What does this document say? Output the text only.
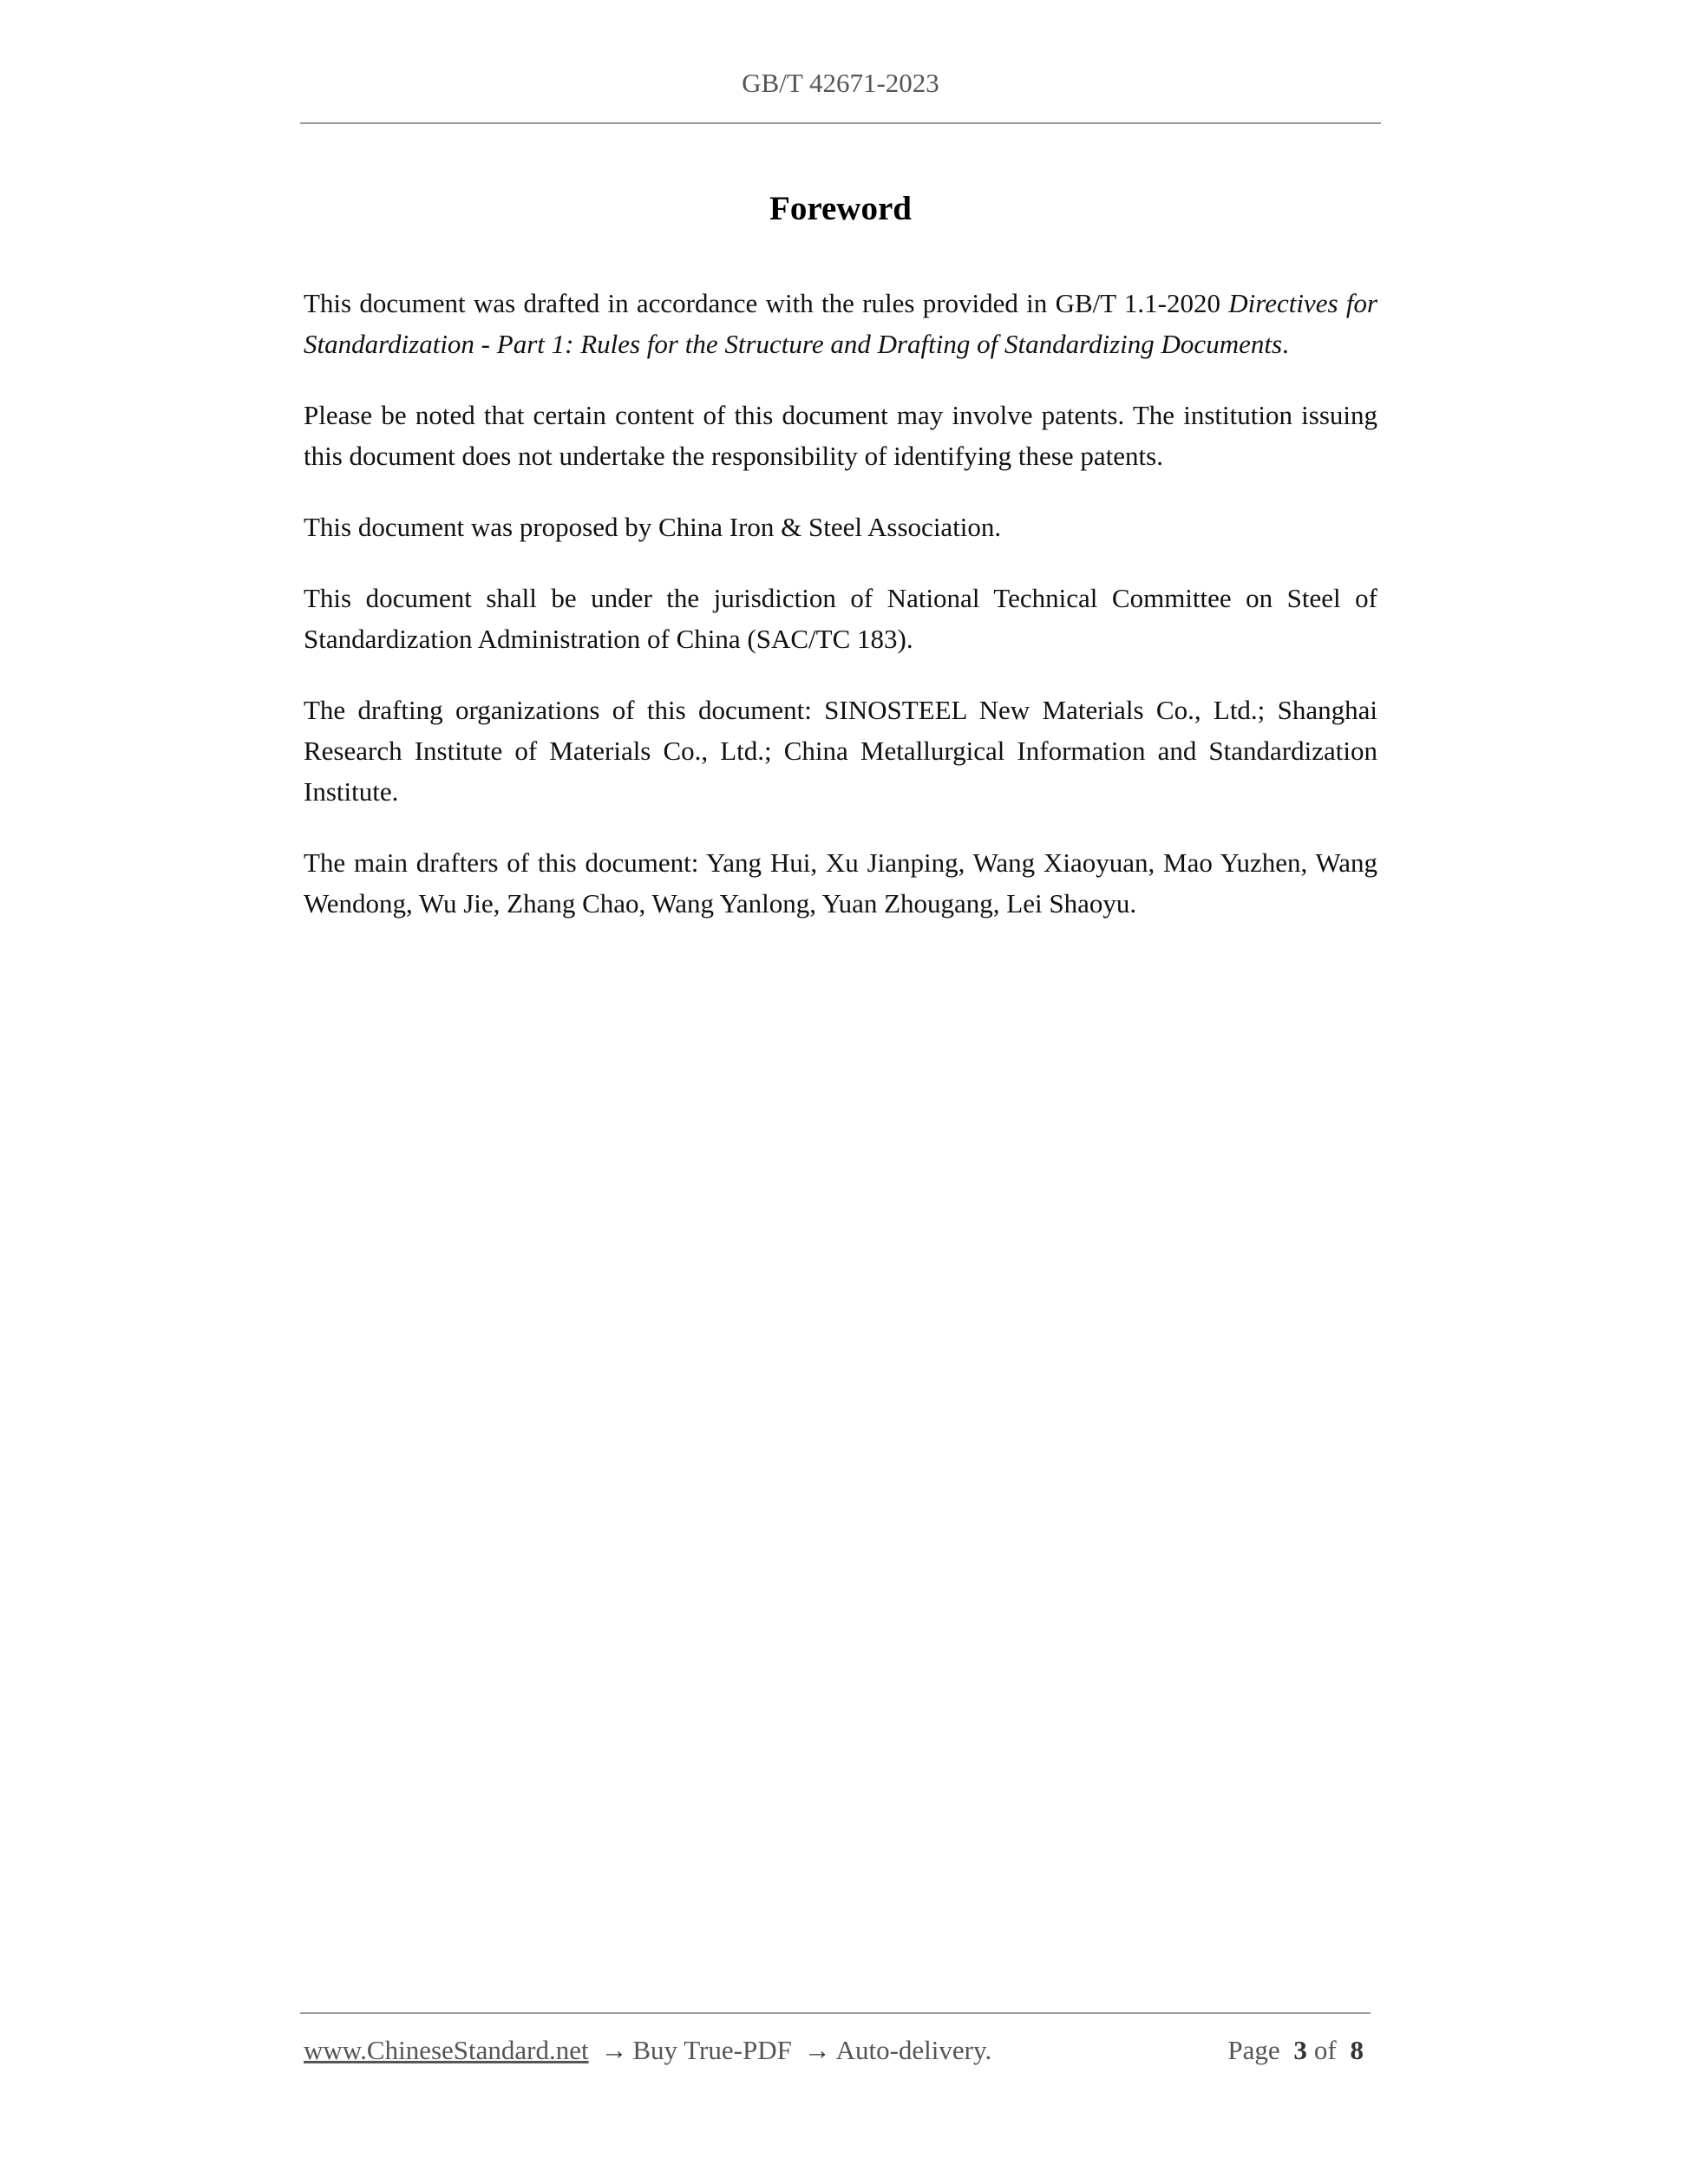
GB/T 42671-2023
Foreword

This document was drafted in accordance with the rules provided in GB/T 1.1-2020 Directives for Standardization - Part 1: Rules for the Structure and Drafting of Standardizing Documents.

Please be noted that certain content of this document may involve patents. The institution issuing this document does not undertake the responsibility of identifying these patents.

This document was proposed by China Iron & Steel Association.

This document shall be under the jurisdiction of National Technical Committee on Steel of Standardization Administration of China (SAC/TC 183).

The drafting organizations of this document: SINOSTEEL New Materials Co., Ltd.; Shanghai Research Institute of Materials Co., Ltd.; China Metallurgical Information and Standardization Institute.

The main drafters of this document: Yang Hui, Xu Jianping, Wang Xiaoyuan, Mao Yuzhen, Wang Wendong, Wu Jie, Zhang Chao, Wang Yanlong, Yuan Zhougang, Lei Shaoyu.

www.ChineseStandard.net → Buy True-PDF → Auto-delivery.	Page 3 of 8
